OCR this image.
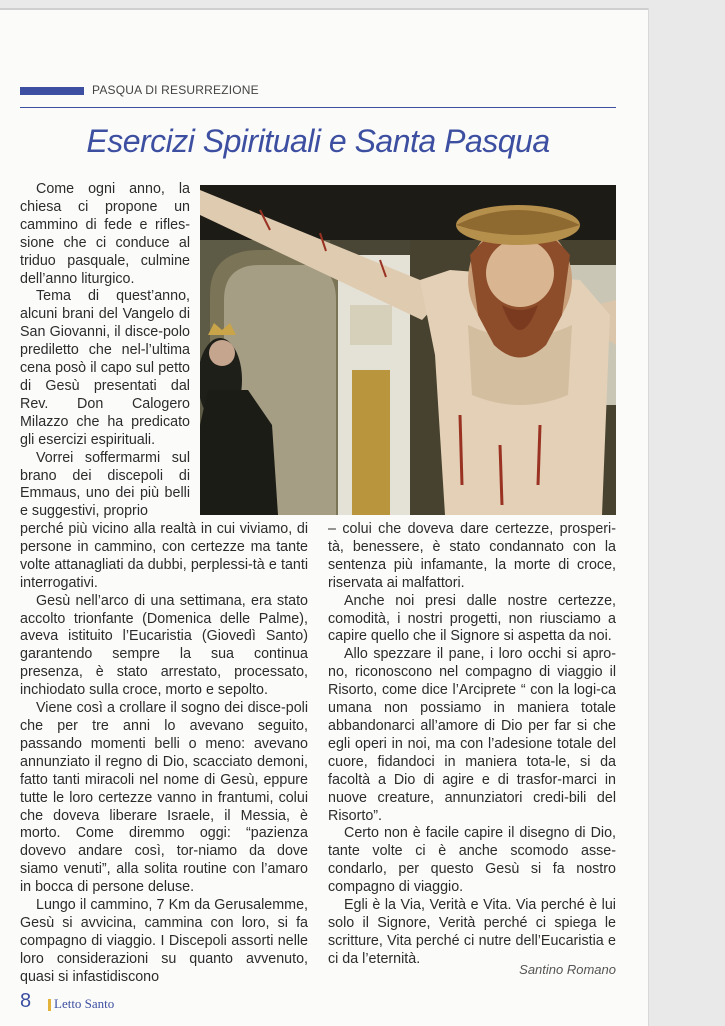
PASQUA DI RESURREZIONE
Esercizi Spirituali e Santa Pasqua

Come ogni anno, la chiesa ci propone un cammino di fede e rifles-sione che ci conduce al triduo pasquale, culmine dell’anno liturgico.

Tema di quest’anno, alcuni brani del Vangelo di San Giovanni, il disce-polo prediletto che nel-l’ultima cena posò il capo sul petto di Gesù presentati dal Rev. Don Calogero Milazzo che ha predicato gli esercizi espirituali.

Vorrei soffermarmi sul brano dei discepoli di Emmaus, uno dei più belli e suggestivi, proprio

perché più vicino alla realtà in cui viviamo, di persone in cammino, con certezze ma tante volte attanagliati da dubbi, perplessi-tà e tanti interrogativi.

Gesù nell’arco di una settimana, era stato accolto trionfante (Domenica delle Palme), aveva istituito l’Eucaristia (Giovedì Santo) garantendo sempre la sua continua presenza, è stato arrestato, processato, inchiodato sulla croce, morto e sepolto.

Viene così a crollare il sogno dei disce-poli che per tre anni lo avevano seguito, passando momenti belli o meno: avevano annunziato il regno di Dio, scacciato demoni, fatto tanti miracoli nel nome di Gesù, eppure tutte le loro certezze vanno in frantumi, colui che doveva liberare Israele, il Messia, è morto. Come diremmo oggi: “pazienza dovevo andare così, tor-niamo da dove siamo venuti”, alla solita routine con l’amaro in bocca di persone deluse.

Lungo il cammino, 7 Km da Gerusalemme, Gesù si avvicina, cammina con loro, si fa compagno di viaggio. I Discepoli assorti nelle loro considerazioni su quanto avvenuto, quasi si infastidiscono

– colui che doveva dare certezze, prosperi-tà, benessere, è stato condannato con la sentenza più infamante, la morte di croce, riservata ai malfattori.

Anche noi presi dalle nostre certezze, comodità, i nostri progetti, non riusciamo a capire quello che il Signore si aspetta da noi.

Allo spezzare il pane, i loro occhi si apro-no, riconoscono nel compagno di viaggio il Risorto, come dice l’Arciprete “ con la logi-ca umana non possiamo in maniera totale abbandonarci all’amore di Dio per far si che egli operi in noi, ma con l’adesione totale del cuore, fidandoci in maniera tota-le, si da facoltà a Dio di agire e di trasfor-marci in nuove creature, annunziatori credi-bili del Risorto”.

Certo non è facile capire il disegno di Dio, tante volte ci è anche scomodo asse-condarlo, per questo Gesù si fa nostro compagno di viaggio.

Egli è la Via, Verità e Vita. Via perché è lui solo il Signore, Verità perché ci spiega le scritture, Vita perché ci nutre dell’Eucaristia e ci da l’eternità.

Santino Romano
8 Letto Santo
